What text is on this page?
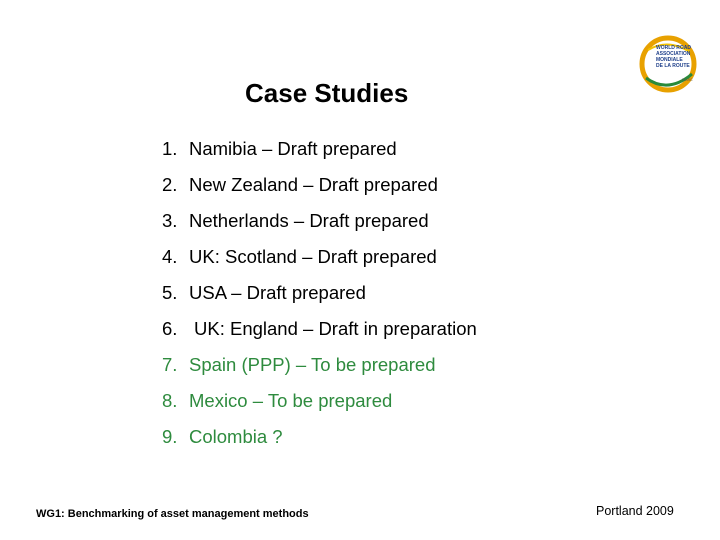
WORLD ROAD
ASSOCIATION
MONDIALE
DE LA ROUTE
PIARC
Case Studies
1. Namibia – Draft prepared
2. New Zealand – Draft prepared
3. Netherlands – Draft prepared
4. UK: Scotland – Draft prepared
5. USA – Draft prepared
6. UK: England – Draft in preparation
7. Spain (PPP) – To be prepared
8. Mexico – To be prepared
9. Colombia ?
WG1: Benchmarking of asset management methods	Portland 2009
